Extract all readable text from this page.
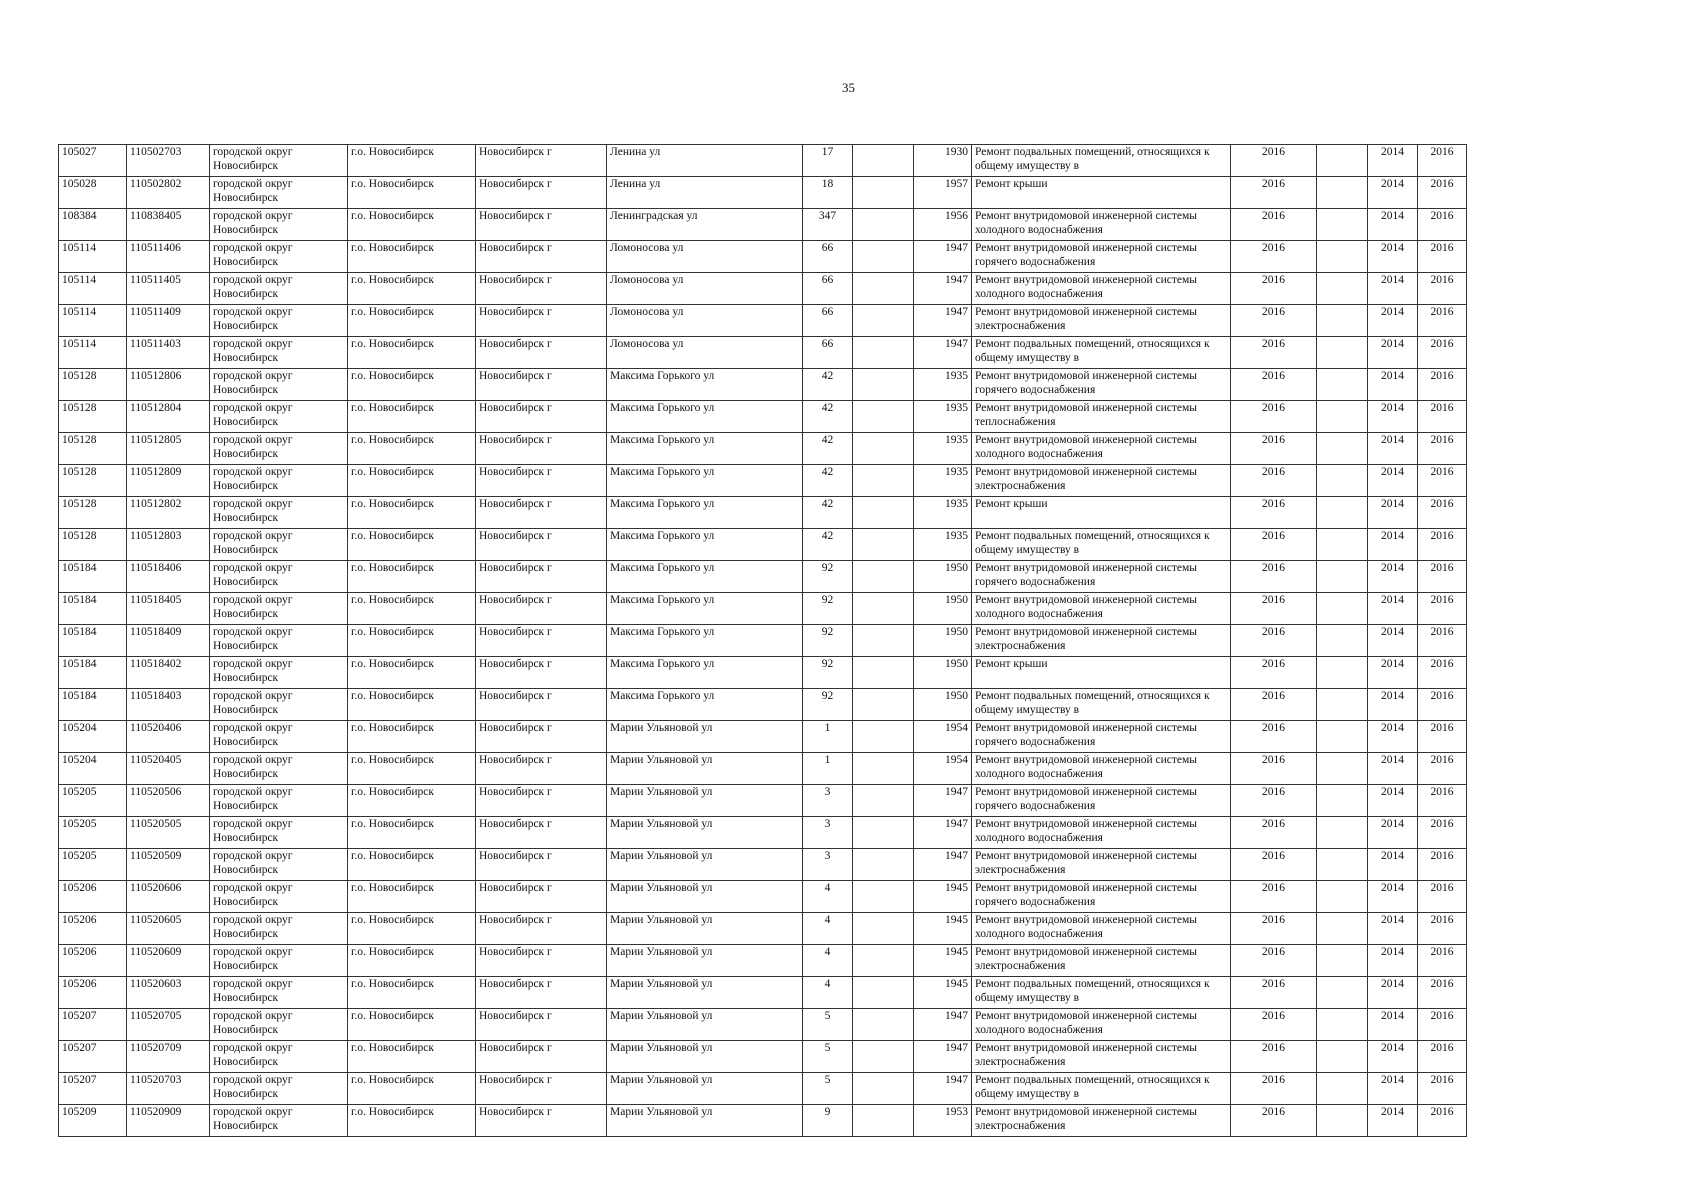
35
105027	110502703	городской округ Новосибирск	г.о. Новосибирск	Новосибирск г	Ленина ул	17		1930	Ремонт подвальных помещений, относящихся к общему имуществу в	2016		2014	2016
105028	110502802	городской округ Новосибирск	г.о. Новосибирск	Новосибирск г	Ленина ул	18		1957	Ремонт крыши	2016		2014	2016
108384	110838405	городской округ Новосибирск	г.о. Новосибирск	Новосибирск г	Ленинградская ул	347		1956	Ремонт внутридомовой инженерной системы холодного водоснабжения	2016		2014	2016
105114	110511406	городской округ Новосибирск	г.о. Новосибирск	Новосибирск г	Ломоносова ул	66		1947	Ремонт внутридомовой инженерной системы горячего водоснабжения	2016		2014	2016
105114	110511405	городской округ Новосибирск	г.о. Новосибирск	Новосибирск г	Ломоносова ул	66		1947	Ремонт внутридомовой инженерной системы холодного водоснабжения	2016		2014	2016
105114	110511409	городской округ Новосибирск	г.о. Новосибирск	Новосибирск г	Ломоносова ул	66		1947	Ремонт внутридомовой инженерной системы электроснабжения	2016		2014	2016
105114	110511403	городской округ Новосибирск	г.о. Новосибирск	Новосибирск г	Ломоносова ул	66		1947	Ремонт подвальных помещений, относящихся к общему имуществу в	2016		2014	2016
105128	110512806	городской округ Новосибирск	г.о. Новосибирск	Новосибирск г	Максима Горького ул	42		1935	Ремонт внутридомовой инженерной системы горячего водоснабжения	2016		2014	2016
105128	110512804	городской округ Новосибирск	г.о. Новосибирск	Новосибирск г	Максима Горького ул	42		1935	Ремонт внутридомовой инженерной системы теплоснабжения	2016		2014	2016
105128	110512805	городской округ Новосибирск	г.о. Новосибирск	Новосибирск г	Максима Горького ул	42		1935	Ремонт внутридомовой инженерной системы холодного водоснабжения	2016		2014	2016
105128	110512809	городской округ Новосибирск	г.о. Новосибирск	Новосибирск г	Максима Горького ул	42		1935	Ремонт внутридомовой инженерной системы электроснабжения	2016		2014	2016
105128	110512802	городской округ Новосибирск	г.о. Новосибирск	Новосибирск г	Максима Горького ул	42		1935	Ремонт крыши	2016		2014	2016
105128	110512803	городской округ Новосибирск	г.о. Новосибирск	Новосибирск г	Максима Горького ул	42		1935	Ремонт подвальных помещений, относящихся к общему имуществу в	2016		2014	2016
105184	110518406	городской округ Новосибирск	г.о. Новосибирск	Новосибирск г	Максима Горького ул	92		1950	Ремонт внутридомовой инженерной системы горячего водоснабжения	2016		2014	2016
105184	110518405	городской округ Новосибирск	г.о. Новосибирск	Новосибирск г	Максима Горького ул	92		1950	Ремонт внутридомовой инженерной системы холодного водоснабжения	2016		2014	2016
105184	110518409	городской округ Новосибирск	г.о. Новосибирск	Новосибирск г	Максима Горького ул	92		1950	Ремонт внутридомовой инженерной системы электроснабжения	2016		2014	2016
105184	110518402	городской округ Новосибирск	г.о. Новосибирск	Новосибирск г	Максима Горького ул	92		1950	Ремонт крыши	2016		2014	2016
105184	110518403	городской округ Новосибирск	г.о. Новосибирск	Новосибирск г	Максима Горького ул	92		1950	Ремонт подвальных помещений, относящихся к общему имуществу в	2016		2014	2016
105204	110520406	городской округ Новосибирск	г.о. Новосибирск	Новосибирск г	Марии Ульяновой ул	1		1954	Ремонт внутридомовой инженерной системы горячего водоснабжения	2016		2014	2016
105204	110520405	городской округ Новосибирск	г.о. Новосибирск	Новосибирск г	Марии Ульяновой ул	1		1954	Ремонт внутридомовой инженерной системы холодного водоснабжения	2016		2014	2016
105205	110520506	городской округ Новосибирск	г.о. Новосибирск	Новосибирск г	Марии Ульяновой ул	3		1947	Ремонт внутридомовой инженерной системы горячего водоснабжения	2016		2014	2016
105205	110520505	городской округ Новосибирск	г.о. Новосибирск	Новосибирск г	Марии Ульяновой ул	3		1947	Ремонт внутридомовой инженерной системы холодного водоснабжения	2016		2014	2016
105205	110520509	городской округ Новосибирск	г.о. Новосибирск	Новосибирск г	Марии Ульяновой ул	3		1947	Ремонт внутридомовой инженерной системы электроснабжения	2016		2014	2016
105206	110520606	городской округ Новосибирск	г.о. Новосибирск	Новосибирск г	Марии Ульяновой ул	4		1945	Ремонт внутридомовой инженерной системы горячего водоснабжения	2016		2014	2016
105206	110520605	городской округ Новосибирск	г.о. Новосибирск	Новосибирск г	Марии Ульяновой ул	4		1945	Ремонт внутридомовой инженерной системы холодного водоснабжения	2016		2014	2016
105206	110520609	городской округ Новосибирск	г.о. Новосибирск	Новосибирск г	Марии Ульяновой ул	4		1945	Ремонт внутридомовой инженерной системы электроснабжения	2016		2014	2016
105206	110520603	городской округ Новосибирск	г.о. Новосибирск	Новосибирск г	Марии Ульяновой ул	4		1945	Ремонт подвальных помещений, относящихся к общему имуществу в	2016		2014	2016
105207	110520705	городской округ Новосибирск	г.о. Новосибирск	Новосибирск г	Марии Ульяновой ул	5		1947	Ремонт внутридомовой инженерной системы холодного водоснабжения	2016		2014	2016
105207	110520709	городской округ Новосибирск	г.о. Новосибирск	Новосибирск г	Марии Ульяновой ул	5		1947	Ремонт внутридомовой инженерной системы электроснабжения	2016		2014	2016
105207	110520703	городской округ Новосибирск	г.о. Новосибирск	Новосибирск г	Марии Ульяновой ул	5		1947	Ремонт подвальных помещений, относящихся к общему имуществу в	2016		2014	2016
105209	110520909	городской округ Новосибирск	г.о. Новосибирск	Новосибирск г	Марии Ульяновой ул	9		1953	Ремонт внутридомовой инженерной системы электроснабжения	2016		2014	2016
